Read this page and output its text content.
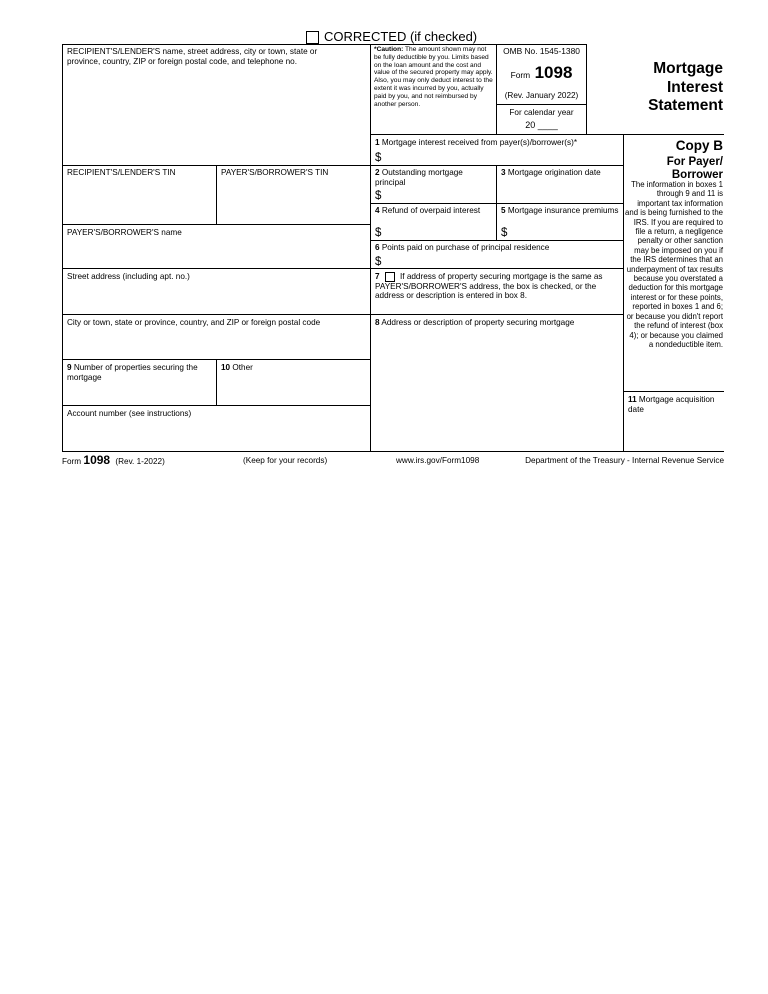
CORRECTED (if checked)
RECIPIENT'S/LENDER'S name, street address, city or town, state or province, country, ZIP or foreign postal code, and telephone no.
RECIPIENT'S/LENDER'S TIN	PAYER'S/BORROWER'S TIN
PAYER'S/BORROWER'S name
Street address (including apt. no.)
City or town, state or province, country, and ZIP or foreign postal code
9 Number of properties securing the mortgage
10 Other
Account number (see instructions)
*Caution: The amount shown may not be fully deductible by you. Limits based on the loan amount and the cost and value of the secured property may apply. Also, you may only deduct interest to the extent it was incurred by you, actually paid by you, and not reimbursed by another person.
OMB No. 1545-1380
Form 1098
(Rev. January 2022)
For calendar year
20 ____
Mortgage
Interest
Statement
Copy B
For Payer/
Borrower
The information in boxes 1 through 9 and 11 is important tax information and is being furnished to the IRS. If you are required to file a return, a negligence penalty or other sanction may be imposed on you if the IRS determines that an underpayment of tax results because you overstated a deduction for this mortgage interest or for these points, reported in boxes 1 and 6; or because you didn't report the refund of interest (box 4); or because you claimed a nondeductible item.
11 Mortgage acquisition date
1 Mortgage interest received from payer(s)/borrower(s)*
$
2 Outstanding mortgage principal
$
3 Mortgage origination date
4 Refund of overpaid interest
$
5 Mortgage insurance premiums
$
6 Points paid on purchase of principal residence
$
7	If address of property securing mortgage is the same as PAYER'S/BORROWER'S address, the box is checked, or the address or description is entered in box 8.
8 Address or description of property securing mortgage
Form 1098 (Rev. 1-2022)	(Keep for your records)	www.irs.gov/Form1098	Department of the Treasury - Internal Revenue Service
